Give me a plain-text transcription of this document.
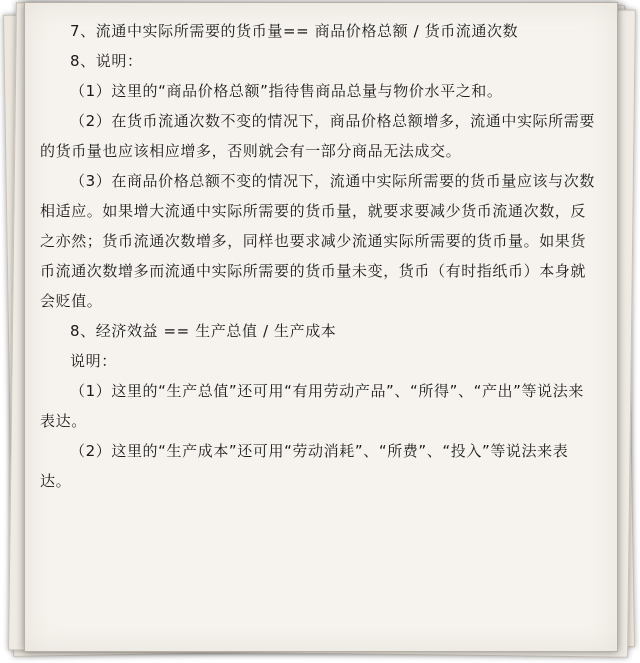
7、流通中实际所需要的货币量== 商品价格总额 / 货币流通次数

8、说明：

（1）这里的“商品价格总额”指待售商品总量与物价水平之和。

（2）在货币流通次数不变的情况下，商品价格总额增多，流通中实际所需要的货币量也应该相应增多，否则就会有一部分商品无法成交。

（3）在商品价格总额不变的情况下，流通中实际所需要的货币量应该与次数相适应。如果增大流通中实际所需要的货币量，就要求要减少货币流通次数，反之亦然；货币流通次数增多，同样也要求减少流通实际所需要的货币量。如果货币流通次数增多而流通中实际所需要的货币量未变，货币（有时指纸币）本身就会贬值。

8、经济效益 == 生产总值 / 生产成本

说明：

（1）这里的“生产总值”还可用“有用劳动产品”、“所得”、“产出”等说法来表达。

（2）这里的“生产成本”还可用“劳动消耗”、“所费”、“投入”等说法来表达。
